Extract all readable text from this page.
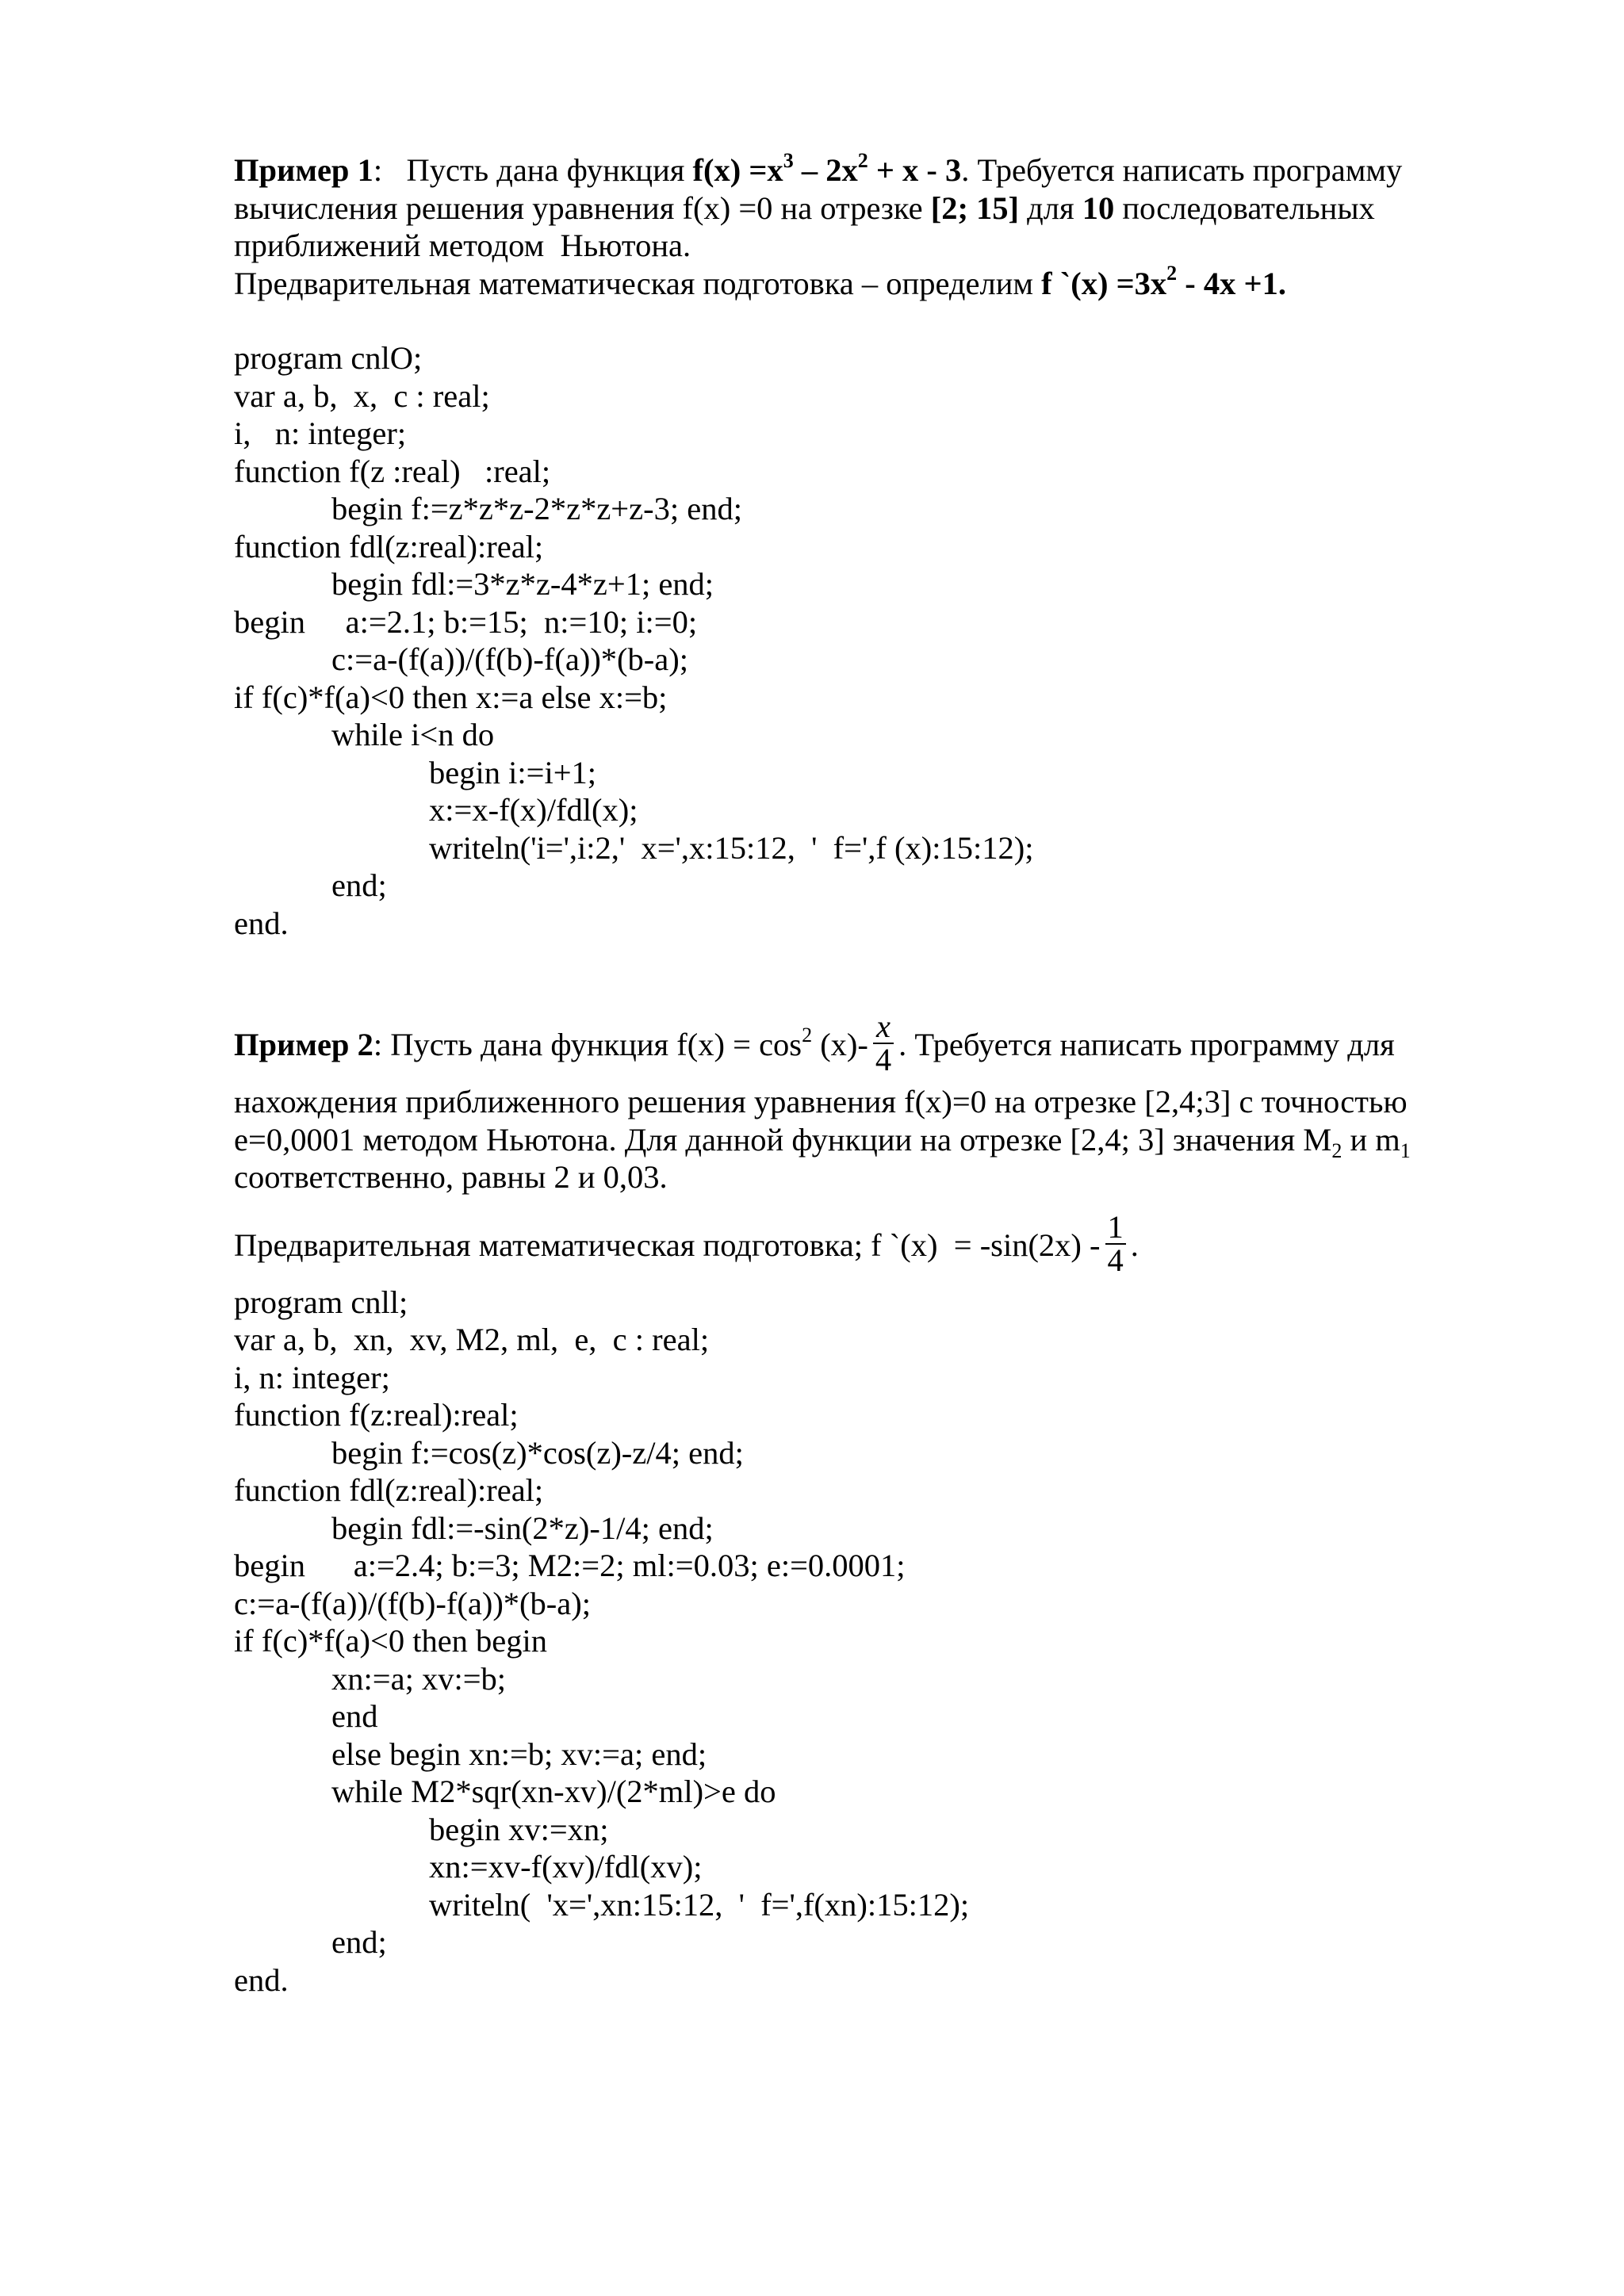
Пример 1:   Пусть дана функция $f(x) =x^3 - 2x^2 + x - 3$. Требуется написать программу

вычисления решения уравнения f(x) =0 на отрезке [2; 15] для 10 последовательных

приближений методом  Ньютона.

Предварительная математическая подготовка – определим f `(x) $=3x^2 - 4x +1$.

program cnlO;

var a, b,  x,  c : real;

i,   n: integer;

function f(z :real)   :real;

begin f:=z*z*z-2*z*z+z-3; end;

function fdl(z:real):real;

begin fdl:=3*z*z-4*z+1; end;

begin     a:=2.1; b:=15;  n:=10; i:=0;

c:=a-(f(a))/(f(b)-f(a))*(b-a);

if f(c)*f(a)<0 then x:=a else x:=b;

while i<n do

begin i:=i+1;

x:=x-f(x)/fdl(x);

writeln('i=',i:2,'  x=',x:15:12,  '  f=',f (x):15:12);

end;

end.

Пример 2: Пусть дана функция $f(x) = \cos^2 (x)- \frac{x}{4}$ . Требуется написать программу для

нахождения приближенного решения уравнения f(x)=0 на отрезке [2,4;3] с точностью

e=0,0001 методом Ньютона. Для данной функции на отрезке [2,4; 3] значения $M_2$ и $m_1$

соответственно, равны 2 и 0,03.

Предварительная математическая подготовка; f `(x)  = $-\sin(2x) - \frac{1}{4}$ .

program cnll;

var a, b,  xn,  xv, M2, ml,  e,  c : real;

i, n: integer;

function f(z:real):real;

begin f:=cos(z)*cos(z)-z/4; end;

function fdl(z:real):real;

begin fdl:=-sin(2*z)-1/4; end;

begin      a:=2.4; b:=3; M2:=2; ml:=0.03; e:=0.0001;

c:=a-(f(a))/(f(b)-f(a))*(b-a);

if f(c)*f(a)<0 then begin

xn:=a; xv:=b;

end

else begin xn:=b; xv:=a; end;

while M2*sqr(xn-xv)/(2*ml)>e do

begin xv:=xn;

xn:=xv-f(xv)/fdl(xv);

writeln(  'x=',xn:15:12,  '  f=',f(xn):15:12);

end;

end.
